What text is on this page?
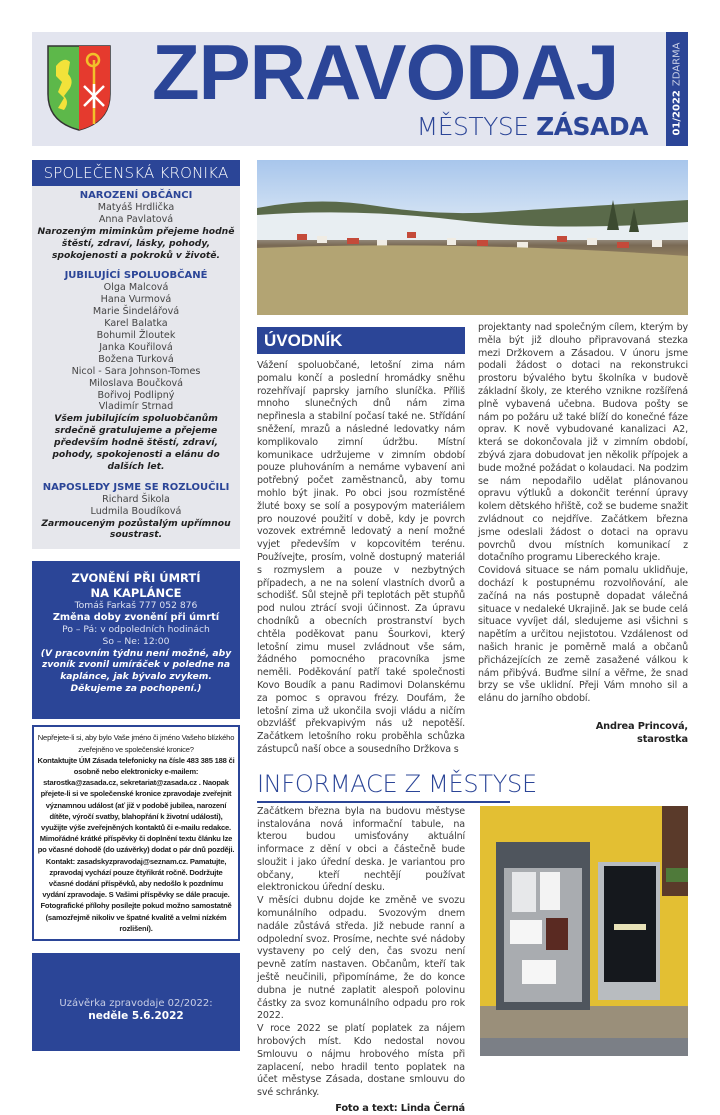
ZPRAVODAJ
MĚSTYSE ZÁSADA 01/2022ZDARMA
SPOLEČENSKÁ KRONIKA
NAROZENÍ OBČÁNCI
Matyáš Hrdlička
Anna Pavlatová
Narozeným miminkům přejeme hodně štěstí, zdraví, lásky, pohody, spokojenosti a pokroků v životě.
JUBILUJÍCÍ SPOLUOBČANÉ
Olga Malcová
Hana Vurmová
Marie Šindelářová
Karel Balatka
Bohumil Žloutek
Janka Kouřilová
Božena Turková
Nicol - Sara Johnson-Tomes
Miloslava Boučková
Bořivoj Podlipný
Vladimír Strnad
Všem jubilujícím spoluobčanům srdečně gratulujeme a přejeme především hodně štěstí, zdraví, pohody, spokojenosti a elánu do dalších let.
NAPOSLEDY JSME SE ROZLOUČILI
Richard Šikola
Ludmila Boudíková
Zarmouceným pozůstalým upřímnou soustrast.
ZVONĚNÍ PŘI ÚMRTÍ
NA KAPLÁNCE
Tomáš Farkaš 777 052 876
Změna doby zvonění při úmrtí
Po – Pá: v odpoledních hodinách
So – Ne: 12:00
(V pracovním týdnu není možné, aby zvoník zvonil umíráček v poledne na kaplánce, jak bývalo zvykem. Děkujeme za pochopení.)
Nepřejete-li si, aby bylo Vaše jméno či jméno Vašeho blízkého zveřejněno ve společenské kronice?
Kontaktujte ÚM Zásada telefonicky na čísle 483 385 188 či osobně nebo elektronicky e-mailem: starostka@zasada.cz, sekretariat@zasada.cz . Naopak přejete-li si ve společenské kronice zpravodaje zveřejnit významnou událost (ať již v podobě jubilea, narození dítěte, výročí svatby, blahopřání k životní události), využijte výše zveřejněných kontaktů či e-mailu redakce. Mimořádné krátké příspěvky či doplnění textu článku lze po včasné dohodě (do uzávěrky) dodat o pár dnů později. Kontakt: zasadskyzpravodaj@seznam.cz. Pamatujte, zpravodaj vychází pouze čtyřikrát ročně. Dodržujte včasné dodání příspěvků, aby nedošlo k pozdnímu vydání zpravodaje. S Vašimi příspěvky se dále pracuje. Fotografické přílohy posílejte pokud možno samostatně (samozřejmě nikoliv ve špatné kvalitě a velmi nízkém rozlišení).
Uzávěrka zpravodaje 02/2022:
neděle 5.6.2022
ÚVODNÍK

Vážení spoluobčané, letošní zima nám pomalu končí a poslední hromádky sněhu rozehřívají paprsky jarního sluníčka. Příliš mnoho slunečných dnů nám zima nepřinesla a stabilní počasí také ne. Střídání sněžení, mrazů a následné ledovatky nám komplikovalo zimní údržbu. Místní komunikace udržujeme v zimním období pouze pluhováním a nemáme vybavení ani potřebný počet zaměstnanců, aby tomu mohlo být jinak. Po obci jsou rozmístěné žluté boxy se solí a posypovým materiálem pro nouzové použití v době, kdy je povrch vozovek extrémně ledovatý a není možné vyjet především v kopcovitém terénu. Používejte, prosím, volně dostupný materiál s rozmyslem a pouze v nezbytných případech, a ne na solení vlastních dvorů a schodišť. Sůl stejně při teplotách pět stupňů pod nulou ztrácí svoji účinnost. Za úpravu chodníků a obecních prostranství bych chtěla poděkovat panu Šourkovi, který letošní zimu musel zvládnout vše sám, žádného pomocného pracovníka jsme neměli. Poděkování patří také společnosti Kovo Boudík a panu Radimovi Dolanskému za pomoc s opravou frézy. Doufám, že letošní zima už ukončila svoji vládu a ničím obzvlášť překvapivým nás už nepotěší. Začátkem letošního roku proběhla schůzka zástupců naší obce a sousedního Držkova s

projektanty nad společným cílem, kterým by měla být již dlouho připravovaná stezka mezi Držkovem a Zásadou. V únoru jsme podali žádost o dotaci na rekonstrukci prostoru bývalého bytu školníka v budově základní školy, ze kterého vznikne rozšířená plně vybavená učebna. Budova pošty se nám po požáru už také blíží do konečné fáze oprav. K nově vybudované kanalizaci A2, která se dokončovala již v zimním období, zbývá zjara dobudovat jen několik přípojek a bude možné požádat o kolaudaci. Na podzim se nám nepodařilo udělat plánovanou opravu výtluků a dokončit terénní úpravy kolem dětského hřiště, což se budeme snažit zvládnout co nejdříve. Začátkem března jsme odeslali žádost o dotaci na opravu povrchů dvou místních komunikací z dotačního programu Libereckého kraje.

Covidová situace se nám pomalu uklidňuje, dochází k postupnému rozvolňování, ale začíná na nás postupně dopadat válečná situace v nedaleké Ukrajině. Jak se bude celá situace vyvíjet dál, sledujeme asi všichni s napětím a určitou nejistotou. Vzdálenost od našich hranic je poměrně malá a občanů přicházejících ze země zasažené válkou k nám přibývá. Buďme silní a věřme, že snad brzy se vše uklidní. Přeji Vám mnoho sil a elánu do jarního období.

Andrea Princová,
starostka
INFORMACE Z MĚSTYSE

Začátkem března byla na budovu městyse instalována nová informační tabule, na kterou budou umisťovány aktuální informace z dění v obci a částečně bude sloužit i jako úřední deska. Je variantou pro občany, kteří nechtějí používat elektronickou úřední desku.

V měsíci dubnu dojde ke změně ve svozu komunálního odpadu. Svozovým dnem nadále zůstává středa. Již nebude ranní a odpolední svoz. Prosíme, nechte své nádoby vystaveny po celý den, čas svozu není pevně zatím nastaven. Občanům, kteří tak ještě neučinili, připomínáme, že do konce dubna je nutné zaplatit alespoň polovinu částky za svoz komunálního odpadu pro rok 2022.

V roce 2022 se platí poplatek za nájem hrobových míst. Kdo nedostal novou Smlouvu o nájmu hrobového místa při zaplacení, nebo hradil tento poplatek na účet městyse Zásada, dostane smlouvu do své schránky.

Foto a text: Linda Černá
